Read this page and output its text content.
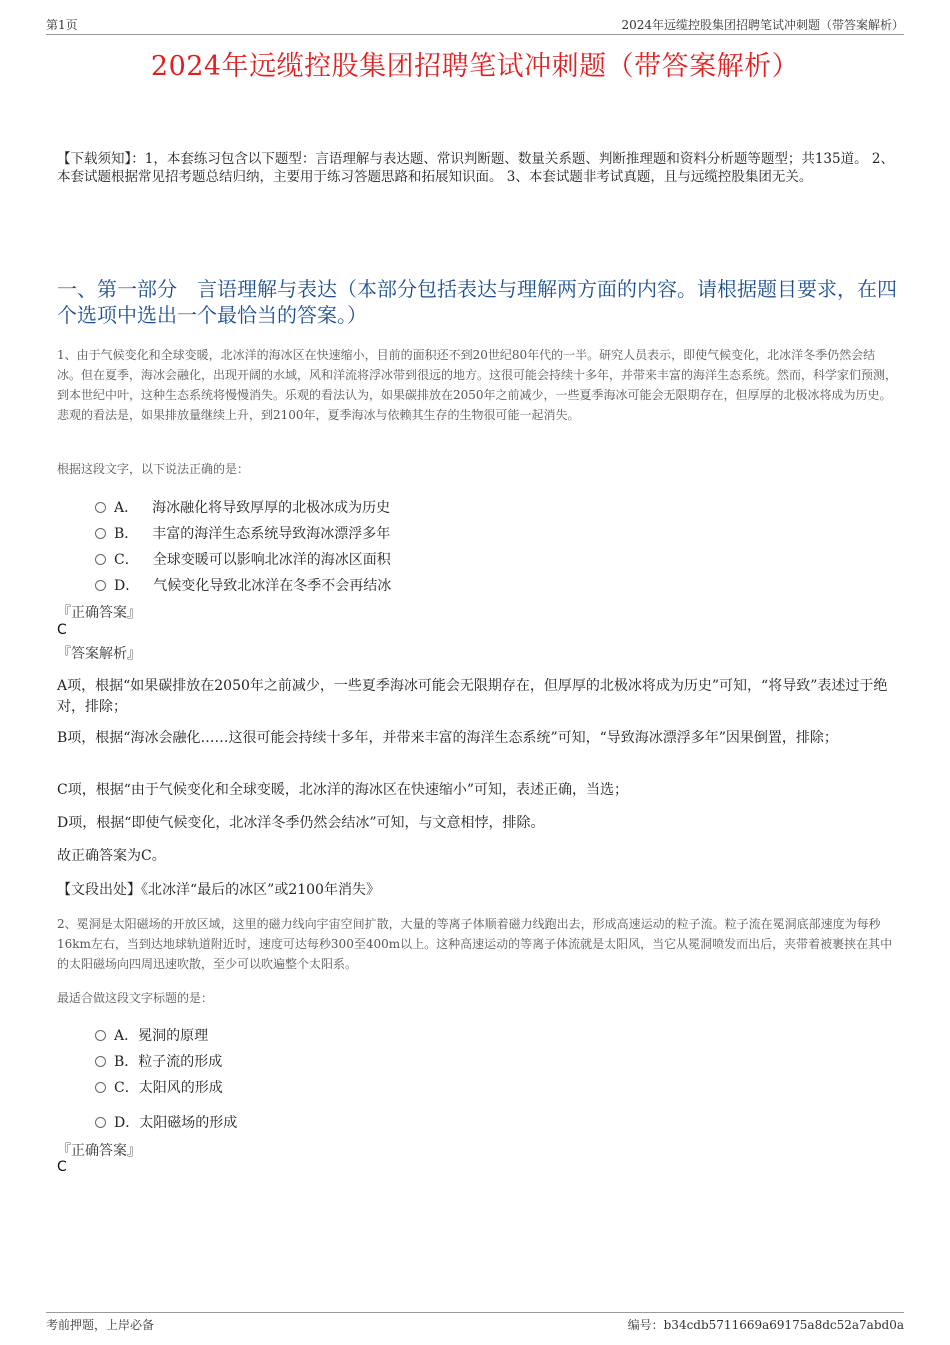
第1页	2024年远缆控股集团招聘笔试冲刺题（带答案解析）
2024年远缆控股集团招聘笔试冲刺题（带答案解析）
【下载须知】：1，本套练习包含以下题型：言语理解与表达题、常识判断题、数量关系题、判断推理题和资料分析题等题型；共135道。 2、本套试题根据常见招考题总结归纳，主要用于练习答题思路和拓展知识面。 3、本套试题非考试真题，且与远缆控股集团无关。
一、第一部分　言语理解与表达（本部分包括表达与理解两方面的内容。请根据题目要求，在四个选项中选出一个最恰当的答案。）
1、由于气候变化和全球变暖，北冰洋的海冰区在快速缩小，目前的面积还不到20世纪80年代的一半。研究人员表示，即使气候变化，北冰洋冬季仍然会结冰。但在夏季，海冰会融化，出现开阔的水域，风和洋流将浮冰带到很远的地方。这很可能会持续十多年，并带来丰富的海洋生态系统。然而，科学家们预测，到本世纪中叶，这种生态系统将慢慢消失。乐观的看法认为，如果碳排放在2050年之前减少，一些夏季海冰可能会无限期存在，但厚厚的北极冰将成为历史。悲观的看法是，如果排放量继续上升，到2100年，夏季海冰与依赖其生存的生物很可能一起消失。
根据这段文字，以下说法正确的是：
A． 海冰融化将导致厚厚的北极冰成为历史
B． 丰富的海洋生态系统导致海冰漂浮多年
C． 全球变暖可以影响北冰洋的海冰区面积
D． 气候变化导致北冰洋在冬季不会再结冰
『正确答案』
C
『答案解析』
A项，根据“如果碳排放在2050年之前减少，一些夏季海冰可能会无限期存在，但厚厚的北极冰将成为历史”可知，“将导致”表述过于绝对，排除；
B项，根据“海冰会融化……这很可能会持续十多年，并带来丰富的海洋生态系统”可知，“导致海冰漂浮多年”因果倒置，排除；
C项，根据“由于气候变化和全球变暖，北冰洋的海冰区在快速缩小”可知，表述正确，当选；
D项，根据“即使气候变化，北冰洋冬季仍然会结冰”可知，与文意相悖，排除。
故正确答案为C。
【文段出处】《北冰洋“最后的冰区”或2100年消失》
2、冕洞是太阳磁场的开放区域，这里的磁力线向宇宙空间扩散，大量的等离子体顺着磁力线跑出去，形成高速运动的粒子流。粒子流在冕洞底部速度为每秒16km左右，当到达地球轨道附近时，速度可达每秒300至400m以上。这种高速运动的等离子体流就是太阳风，当它从冕洞喷发而出后，夹带着被裹挟在其中的太阳磁场向四周迅速吹散，至少可以吹遍整个太阳系。
最适合做这段文字标题的是：
A．冕洞的原理
B．粒子流的形成
C．太阳风的形成
D．太阳磁场的形成
『正确答案』
C
考前押题，上岸必备	编号：b34cdb5711669a69175a8dc52a7abd0a
